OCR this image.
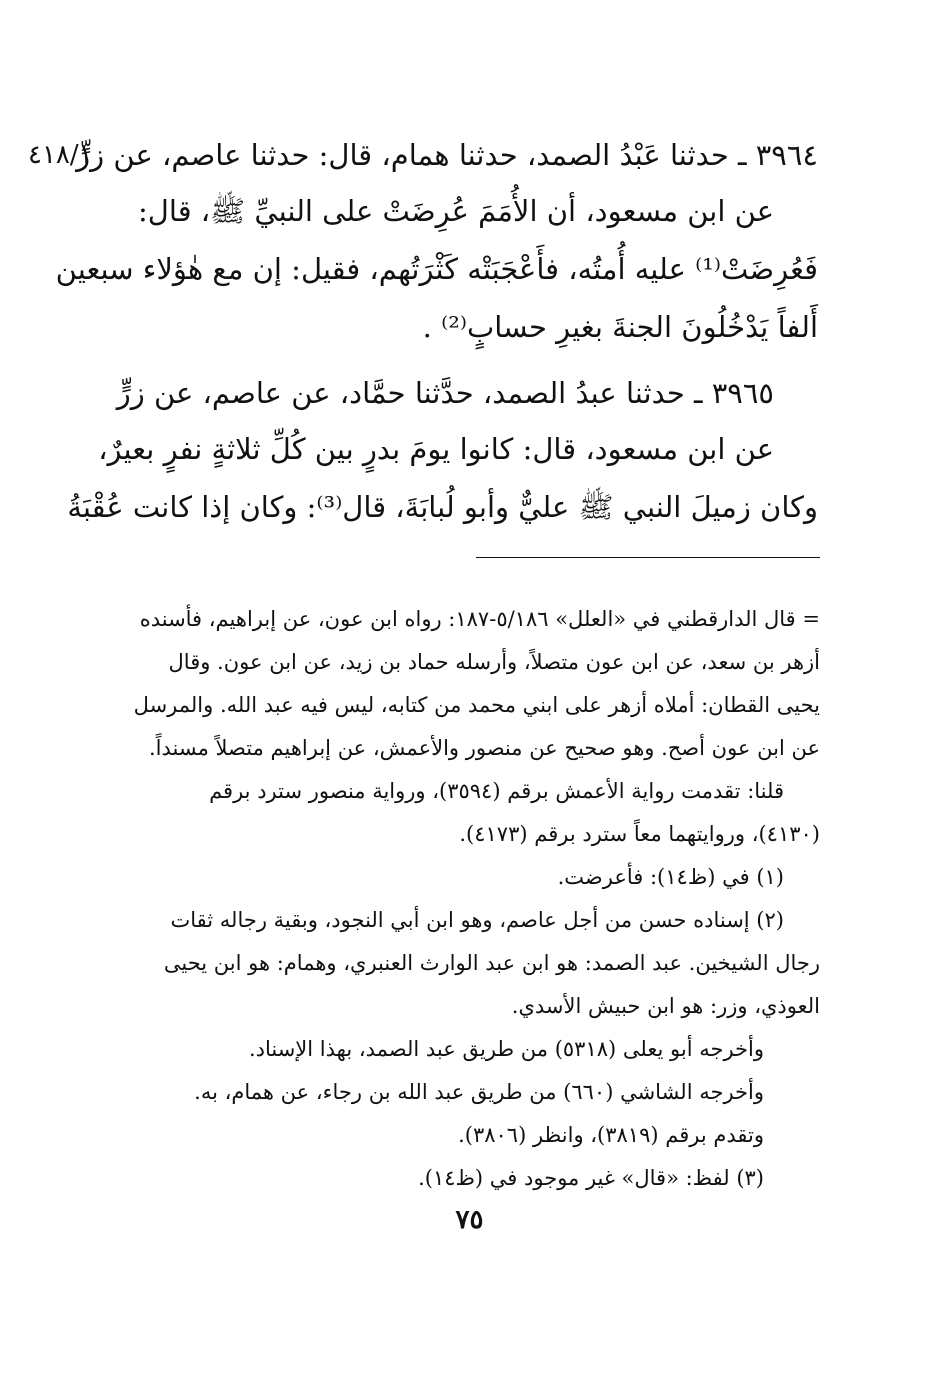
٤١٨/١
٣٩٦٤ ـ حدثنا عَبْدُ الصمد، حدثنا همام، قال: حدثنا عاصم، عن زرٍّ
عن ابن مسعود، أن الأُمَمَ عُرِضَتْ على النبيِّ ﷺ، قال:
فَعُرِضَتْ⁽¹⁾ عليه أُمتُه، فأَعْجَبَتْه كَثْرَتُهم، فقيل: إن مع هٰؤلاء سبعين
أَلفاً يَدْخُلُونَ الجنةَ بغيرِ حسابٍ⁽²⁾ .
٣٩٦٥ ـ حدثنا عبدُ الصمد، حدَّثنا حمَّاد، عن عاصم، عن زرٍّ
عن ابن مسعود، قال: كانوا يومَ بدرٍ بين كُلِّ ثلاثةٍ نفرٍ بعيرٌ،
وكان زميلَ النبي ﷺ عليٌّ وأبو لُبابَةَ، قال⁽³⁾: وكان إذا كانت عُقْبَةُ
= قال الدارقطني في «العلل» ٥/١٨٦-١٨٧: رواه ابن عون، عن إبراهيم، فأسنده
أزهر بن سعد، عن ابن عون متصلاً، وأرسله حماد بن زيد، عن ابن عون. وقال
يحيى القطان: أملاه أزهر على ابني محمد من كتابه، ليس فيه عبد الله. والمرسل
عن ابن عون أصح. وهو صحيح عن منصور والأعمش، عن إبراهيم متصلاً مسنداً.
قلنا: تقدمت رواية الأعمش برقم (٣٥٩٤)، ورواية منصور سترد برقم
(٤١٣٠)، وروايتهما معاً سترد برقم (٤١٧٣).
(١) في (ظ١٤): فأعرضت.
(٢) إسناده حسن من أجل عاصم، وهو ابن أبي النجود، وبقية رجاله ثقات
رجال الشيخين. عبد الصمد: هو ابن عبد الوارث العنبري، وهمام: هو ابن يحيى
العوذي، وزر: هو ابن حبيش الأسدي.
وأخرجه أبو يعلى (٥٣١٨) من طريق عبد الصمد، بهذا الإسناد.
وأخرجه الشاشي (٦٦٠) من طريق عبد الله بن رجاء، عن همام، به.
وتقدم برقم (٣٨١٩)، وانظر (٣٨٠٦).
(٣) لفظ: «قال» غير موجود في (ظ١٤).
٧٥
